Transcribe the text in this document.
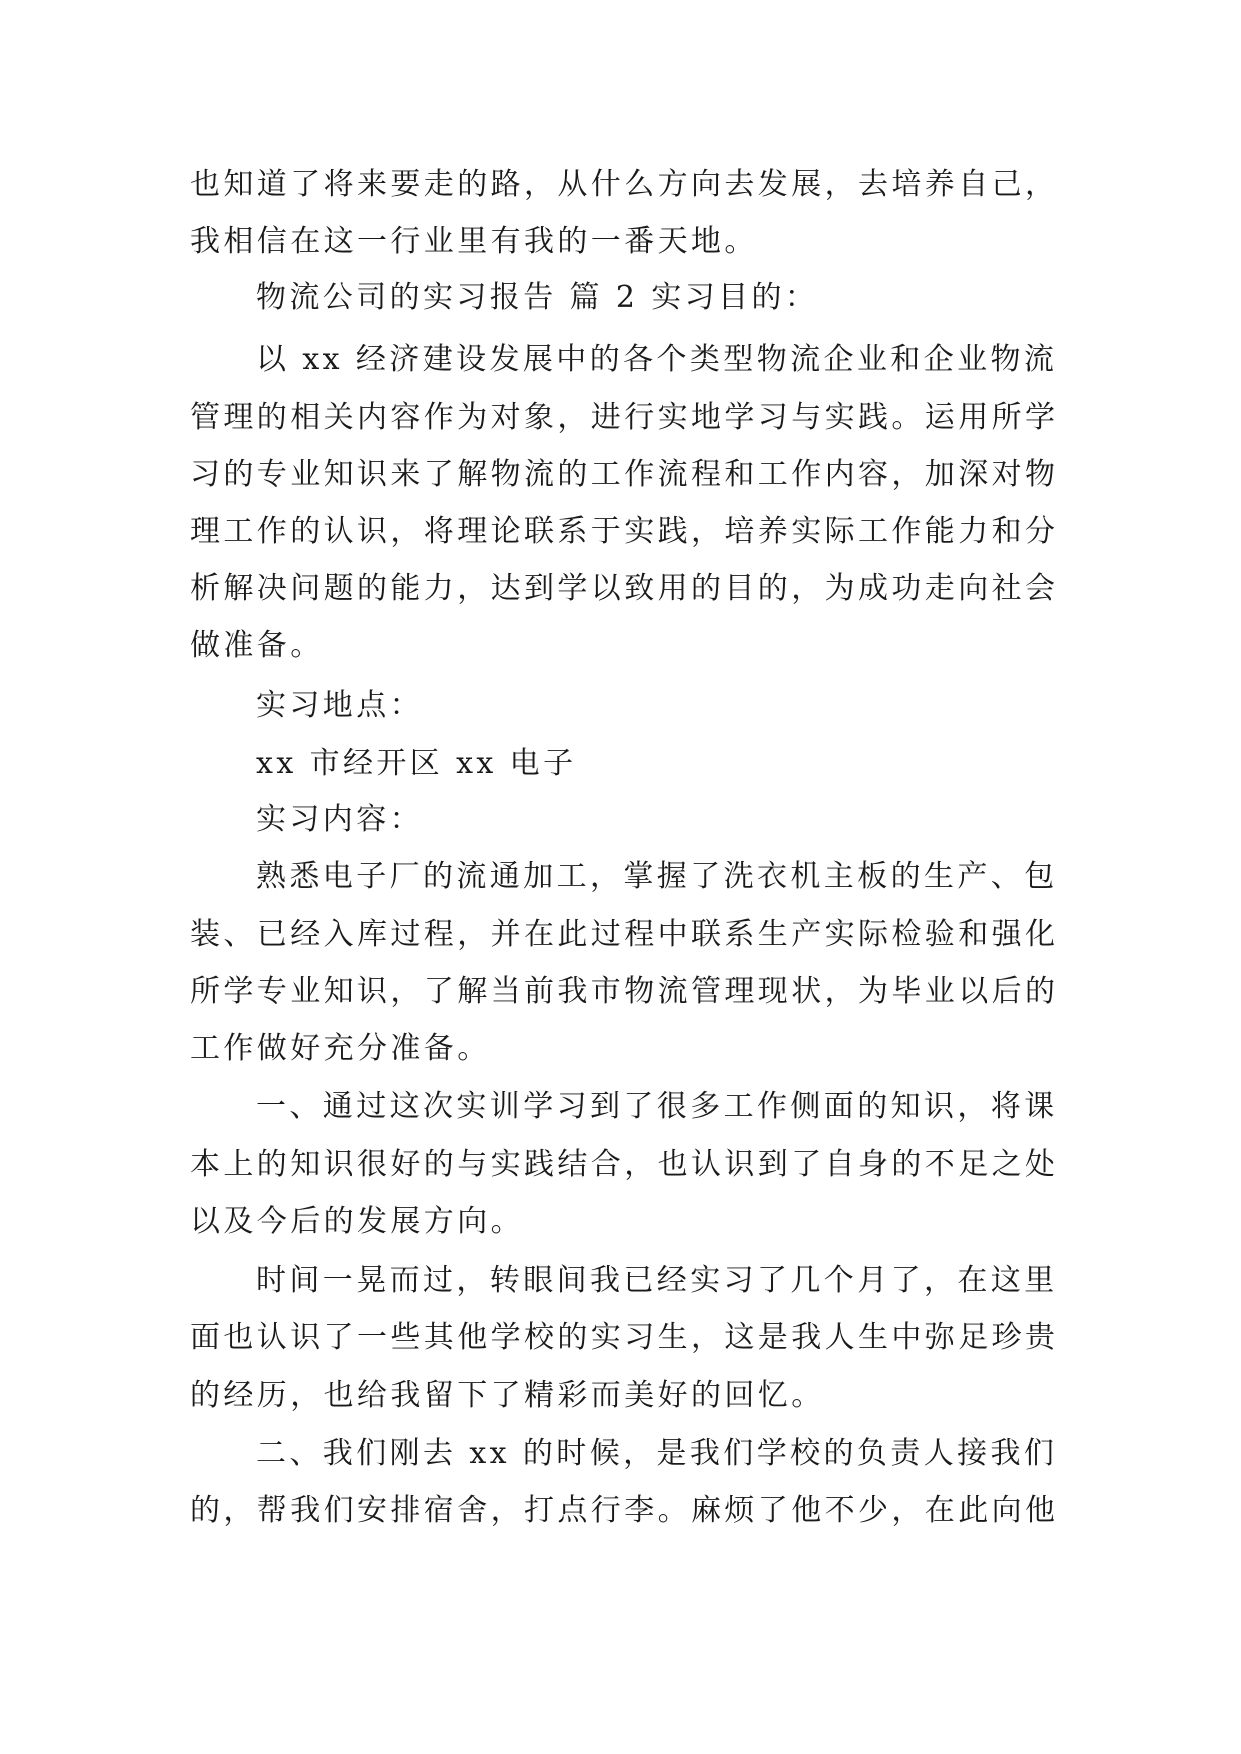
也知道了将来要走的路，从什么方向去发展，去培养自己，
我相信在这一行业里有我的一番天地。
物流公司的实习报告 篇 2 实习目的：
以 xx 经济建设发展中的各个类型物流企业和企业物流
管理的相关内容作为对象，进行实地学习与实践。运用所学
习的专业知识来了解物流的工作流程和工作内容，加深对物
理工作的认识，将理论联系于实践，培养实际工作能力和分
析解决问题的能力，达到学以致用的目的，为成功走向社会
做准备。
实习地点：
xx 市经开区 xx 电子
实习内容：
熟悉电子厂的流通加工，掌握了洗衣机主板的生产、包
装、已经入库过程，并在此过程中联系生产实际检验和强化
所学专业知识，了解当前我市物流管理现状，为毕业以后的
工作做好充分准备。
一、通过这次实训学习到了很多工作侧面的知识，将课
本上的知识很好的与实践结合，也认识到了自身的不足之处
以及今后的发展方向。
时间一晃而过，转眼间我已经实习了几个月了，在这里
面也认识了一些其他学校的实习生，这是我人生中弥足珍贵
的经历，也给我留下了精彩而美好的回忆。
二、我们刚去 xx 的时候，是我们学校的负责人接我们
的，帮我们安排宿舍，打点行李。麻烦了他不少，在此向他
